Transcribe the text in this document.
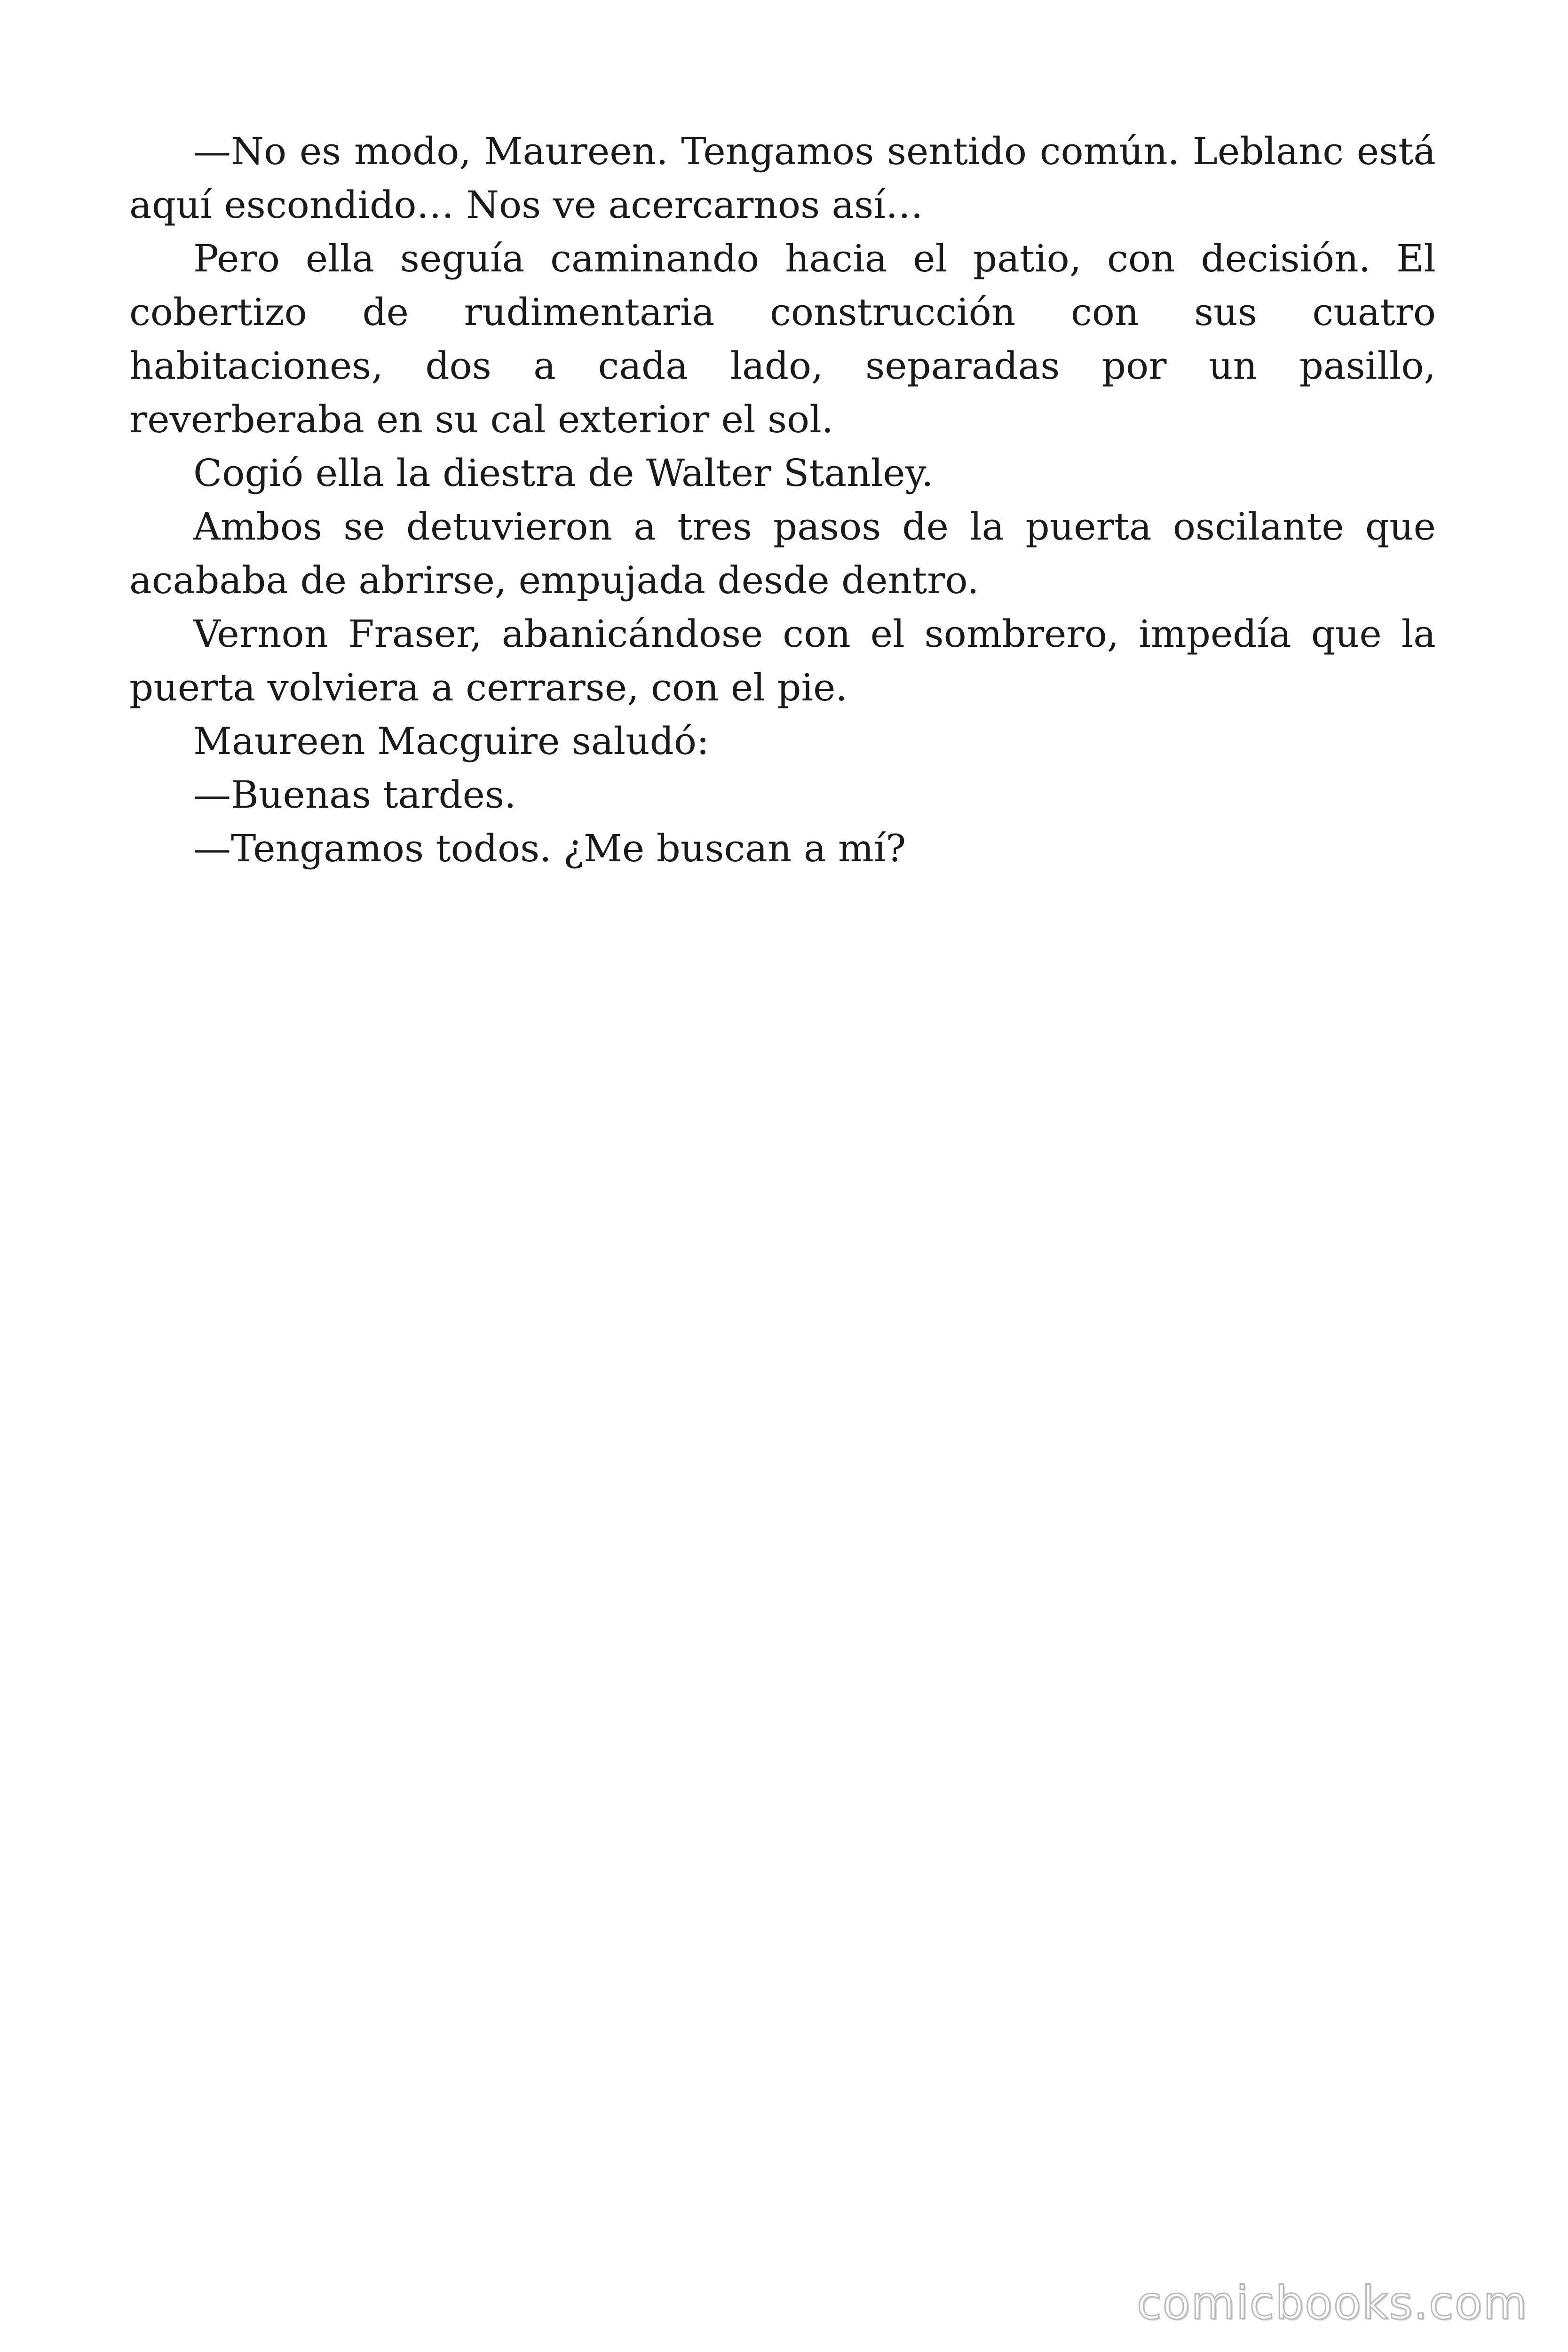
—No es modo, Maureen. Tengamos sentido común. Leblanc está aquí escondido… Nos ve acercarnos así…

Pero ella seguía caminando hacia el patio, con decisión. El cobertizo de rudimentaria construcción con sus cuatro habitaciones, dos a cada lado, separadas por un pasillo, reverberaba en su cal exterior el sol.

Cogió ella la diestra de Walter Stanley.

Ambos se detuvieron a tres pasos de la puerta oscilante que acababa de abrirse, empujada desde dentro.

Vernon Fraser, abanicándose con el sombrero, impedía que la puerta volviera a cerrarse, con el pie.

Maureen Macguire saludó:

—Buenas tardes.

—Tengamos todos. ¿Me buscan a mí?

comicbooks.com
